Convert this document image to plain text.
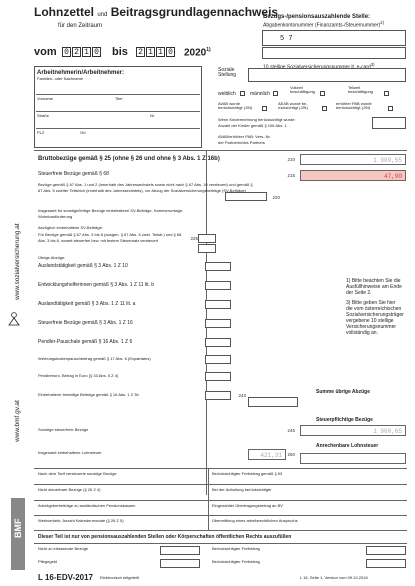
www.sozialversicherung.at
www.bmf.gv.at
BMF
Lohnzettel und Beitragsgrundlagennachweis
für den Zeitraum
vom 0 2 1 0 bis 2 1 1 0 2020$^{1)}$
Bezugs-/pensionsauszahlende Stelle:
Abgabenkontonummer (Finanzamts-/Steuernummer)$^{2)}$
5 7
$^{3)}$
Arbeitnehmerin/Arbeitnehmer:
Familien- oder Nachname
Vorname	Titel
Straße	Nr
PLZ	Ort
Soziale Stellung
weiblich	männlich
Vollzeit beschäftigung
Teilzeit beschäftigung
AVAB wurde berücksichtigt (J/N)
AEAB wurde be- rücksichtigt (J/N)
erhöhter PAB wurde berücksichtigt (J/N)
Wenn Kindermehrung berücksichtigt wurde:
Anzahl der Kinder gemäß § 106 Abs. 1
AVAB/erhöhter PAB: Vers.-Nr.
der Partnerin/des Partners
Bruttobezüge gemäß § 25 (ohne § 26 und ohne § 3 Abs. 1 Z 16b)	210	1 909,55
Steuerfreie Bezüge gemäß § 68	215	47,90
Bezüge gemäß § 67 Abs. 1 und 2 (innerhalb des Jahressechstels sowie nicht nach § 67 Abs. 10 versteuert) und gemäß § 67 Abs. 5 zweiter Teilstrich (innerhalb des Jahressechstels), vor Abzug der Sozialversicherungsbeiträge (SV-Beiträge)
220
Insgesamt für sonstige/fertige Bezüge einbehaltene SV-Beiträge, Kammerumlage, Wohnbauförderung
Abzüglich einbehaltene SV-Beiträge:
Für Bezüge gemäß § 67 Abs. 3 bis 8 (ausgen. § 67 Abs. 5 zwei. Teilstr.) und § 68 Abs. 3 bis 6, soweit steuerfrei bzw. mit festem Steuersatz versteuert	225
Übrige Abzüge:
Auslandstätigkeit gemäß § 3 Abs. 1 Z 10
Entwicklungshelferinnen gemäß § 3 Abs. 1 Z 11 lit. b
Auslandtätigkeit gemäß § 3 Abs. 1 Z 11 lit. a
Steuerfreie Bezüge gemäß § 3 Abs. 1 Z 16
Pendler-Pauschale gemäß § 16 Abs. 1 Z 6
Werbungskostenpauschbetrag gemäß § 17 Abs. 6 (Expatriates)
Pendlereuro, Betrag in Euro (§ 33 Abs. 5 Z 4)
Einbehaltene freiwillige Beiträge gemäß § 16 Abs. 1 Z 3b	243
Sonstige steuerfreie Bezüge	245	1 900,65
Insgesamt einbehaltene Lohnsteuer	260
421,31
Summe übrige Abzüge
Steuerpflichtige Bezüge
Anrechenbare Lohnsteuer
1) Bitte beachten Sie die Ausfüllhinweise am Ende der Seite 2.
3) Bitte geben Sie hier die vom österreichischen Sozialversicherungsträger vergebene 10 stellige Versicherungsnummer vollständig an.
Nach dem Tarif versteuerte sonstige Bezüge	Berücksichtigter Freibetrag gemäß § 63
Nicht steuerbare Bezüge (§ 26 Z 4)	Bei der Aufrollung berücksichtigte
Arbeitgeberbeiträge zu ausländischen Pensionskassen	Eingezahlter Übertragungsbetrag an BV
Werkverkehr, Anzahl Kalendermonate (§ 26 Z 5)	Übermittlung eines arbeitsrechtlichen Anspruchs
Dieser Teil ist nur von pensionsauszahlenden Stellen oder Körperschaften öffentlichen Rechts auszufüllen
Nicht zu erfassende Bezüge	Berücksichtigter Freibetrag
Pflegegeld	Berücksichtigter Freibetrag
L 16-EDV-2017 Elektronisch mitgeteilt	L 16, Seite 1, Version vom 09.10.2016
